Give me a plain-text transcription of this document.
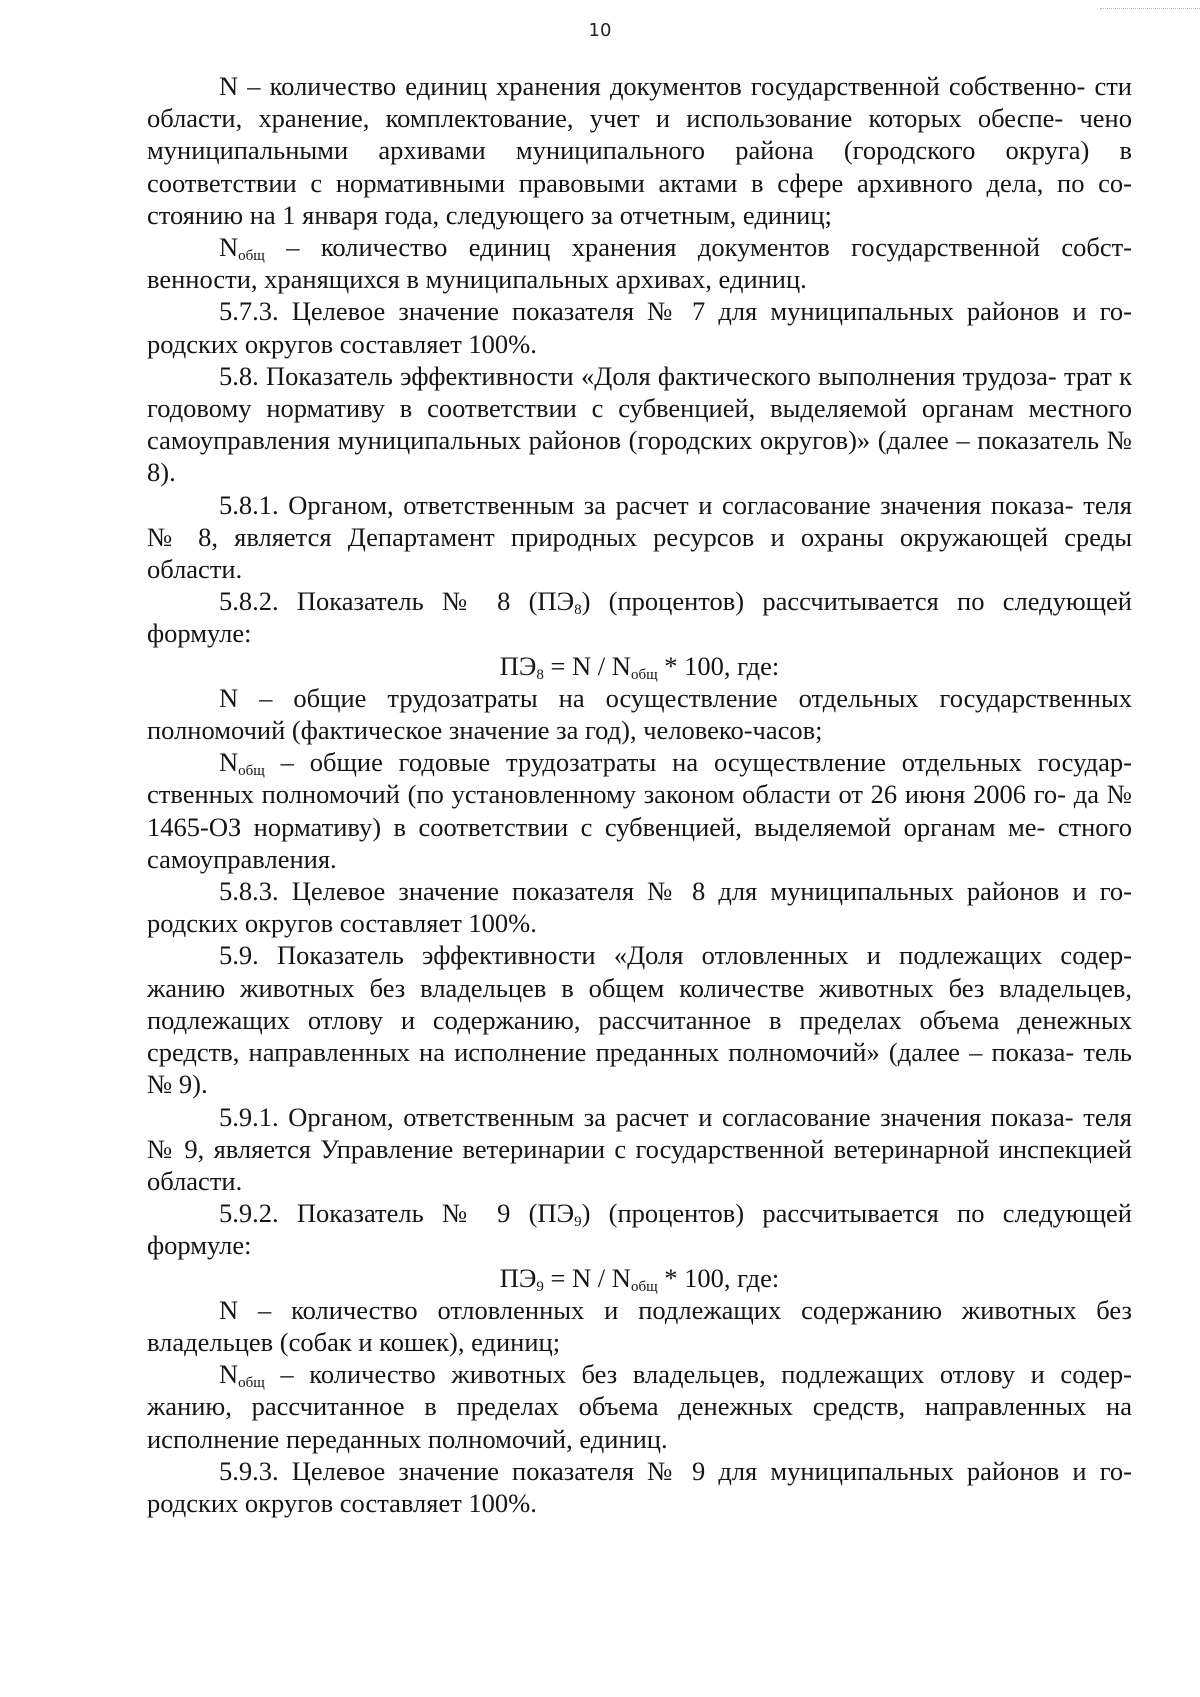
10

N – количество единиц хранения документов государственной собственно- сти области, хранение, комплектование, учет и использование которых обеспе- чено муниципальными архивами муниципального района (городского округа) в соответствии с нормативными правовыми актами в сфере архивного дела, по со- стоянию на 1 января года, следующего за отчетным, единиц;

$N_{общ}$ – количество единиц хранения документов государственной собст- венности, хранящихся в муниципальных архивах, единиц.

5.7.3. Целевое значение показателя № 7 для муниципальных районов и го- родских округов составляет 100%.

5.8. Показатель эффективности «Доля фактического выполнения трудоза- трат к годовому нормативу в соответствии с субвенцией, выделяемой органам местного самоуправления муниципальных районов (городских округов)» (далее – показатель № 8).

5.8.1. Органом, ответственным за расчет и согласование значения показа- теля № 8, является Департамент природных ресурсов и охраны окружающей среды области.

5.8.2. Показатель № 8 $(ПЭ_8)$ (процентов) рассчитывается по следующей формуле:

$ПЭ_8 = N / N_{общ} * 100$, где:

N – общие трудозатраты на осуществление отдельных государственных полномочий (фактическое значение за год), человеко-часов;

$N_{общ}$ – общие годовые трудозатраты на осуществление отдельных государ- ственных полномочий (по установленному законом области от 26 июня 2006 го- да № 1465-ОЗ нормативу) в соответствии с субвенцией, выделяемой органам ме- стного самоуправления.

5.8.3. Целевое значение показателя № 8 для муниципальных районов и го- родских округов составляет 100%.

5.9. Показатель эффективности «Доля отловленных и подлежащих содер- жанию животных без владельцев в общем количестве животных без владельцев, подлежащих отлову и содержанию, рассчитанное в пределах объема денежных средств, направленных на исполнение преданных полномочий» (далее – показа- тель № 9).

5.9.1. Органом, ответственным за расчет и согласование значения показа- теля № 9, является Управление ветеринарии с государственной ветеринарной инспекцией области.

5.9.2. Показатель № 9 $(ПЭ_9)$ (процентов) рассчитывается по следующей формуле:

$ПЭ_9 = N / N_{общ} * 100$, где:

N – количество отловленных и подлежащих содержанию животных без владельцев (собак и кошек), единиц;

$N_{общ}$ – количество животных без владельцев, подлежащих отлову и содер- жанию, рассчитанное в пределах объема денежных средств, направленных на исполнение переданных полномочий, единиц.

5.9.3. Целевое значение показателя № 9 для муниципальных районов и го- родских округов составляет 100%.
